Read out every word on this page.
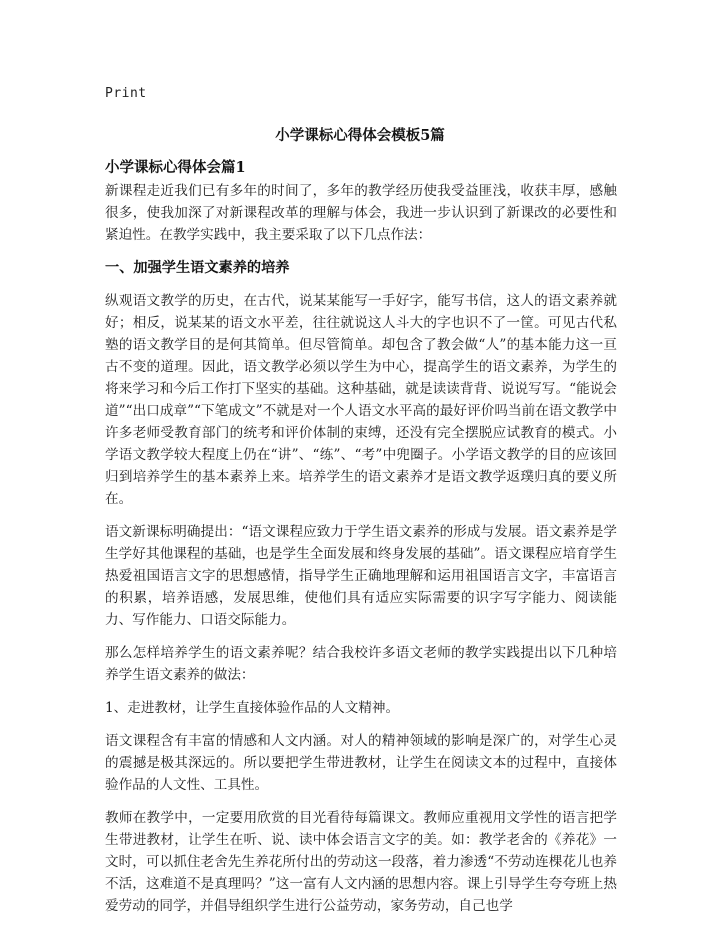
Print
小学课标心得体会模板5篇
小学课标心得体会篇1

新课程走近我们已有多年的时间了，多年的教学经历使我受益匪浅，收获丰厚，感触很多，使我加深了对新课程改革的理解与体会，我进一步认识到了新课改的必要性和紧迫性。在教学实践中，我主要采取了以下几点作法：

一、加强学生语文素养的培养

纵观语文教学的历史，在古代，说某某能写一手好字，能写书信，这人的语文素养就好；相反，说某某的语文水平差，往往就说这人斗大的字也识不了一筐。可见古代私塾的语文教学目的是何其简单。但尽管简单。却包含了教会做“人”的基本能力这一亘古不变的道理。因此，语文教学必须以学生为中心，提高学生的语文素养，为学生的将来学习和今后工作打下坚实的基础。这种基础，就是读读背背、说说写写。“能说会道”“出口成章”“下笔成文”不就是对一个人语文水平高的最好评价吗当前在语文教学中许多老师受教育部门的统考和评价体制的束缚，还没有完全摆脱应试教育的模式。小学语文教学较大程度上仍在“讲”、“练”、“考”中兜圈子。小学语文教学的目的应该回归到培养学生的基本素养上来。培养学生的语文素养才是语文教学返璞归真的要义所在。

语文新课标明确提出：“语文课程应致力于学生语文素养的形成与发展。语文素养是学生学好其他课程的基础，也是学生全面发展和终身发展的基础”。语文课程应培育学生热爱祖国语言文字的思想感情，指导学生正确地理解和运用祖国语言文字，丰富语言的积累，培养语感，发展思维，使他们具有适应实际需要的识字写字能力、阅读能力、写作能力、口语交际能力。

那么怎样培养学生的语文素养呢？结合我校许多语文老师的教学实践提出以下几种培养学生语文素养的做法：

1、走进教材，让学生直接体验作品的人文精神。

语文课程含有丰富的情感和人文内涵。对人的精神领域的影响是深广的，对学生心灵的震撼是极其深远的。所以要把学生带进教材，让学生在阅读文本的过程中，直接体验作品的人文性、工具性。

教师在教学中，一定要用欣赏的目光看待每篇课文。教师应重视用文学性的语言把学生带进教材，让学生在听、说、读中体会语言文字的美。如：教学老舍的《养花》一文时，可以抓住老舍先生养花所付出的劳动这一段落，着力渗透“不劳动连棵花儿也养不活，这难道不是真理吗？”这一富有人文内涵的思想内容。课上引导学生夸夸班上热爱劳动的同学，并倡导组织学生进行公益劳动，家务劳动，自己也学
